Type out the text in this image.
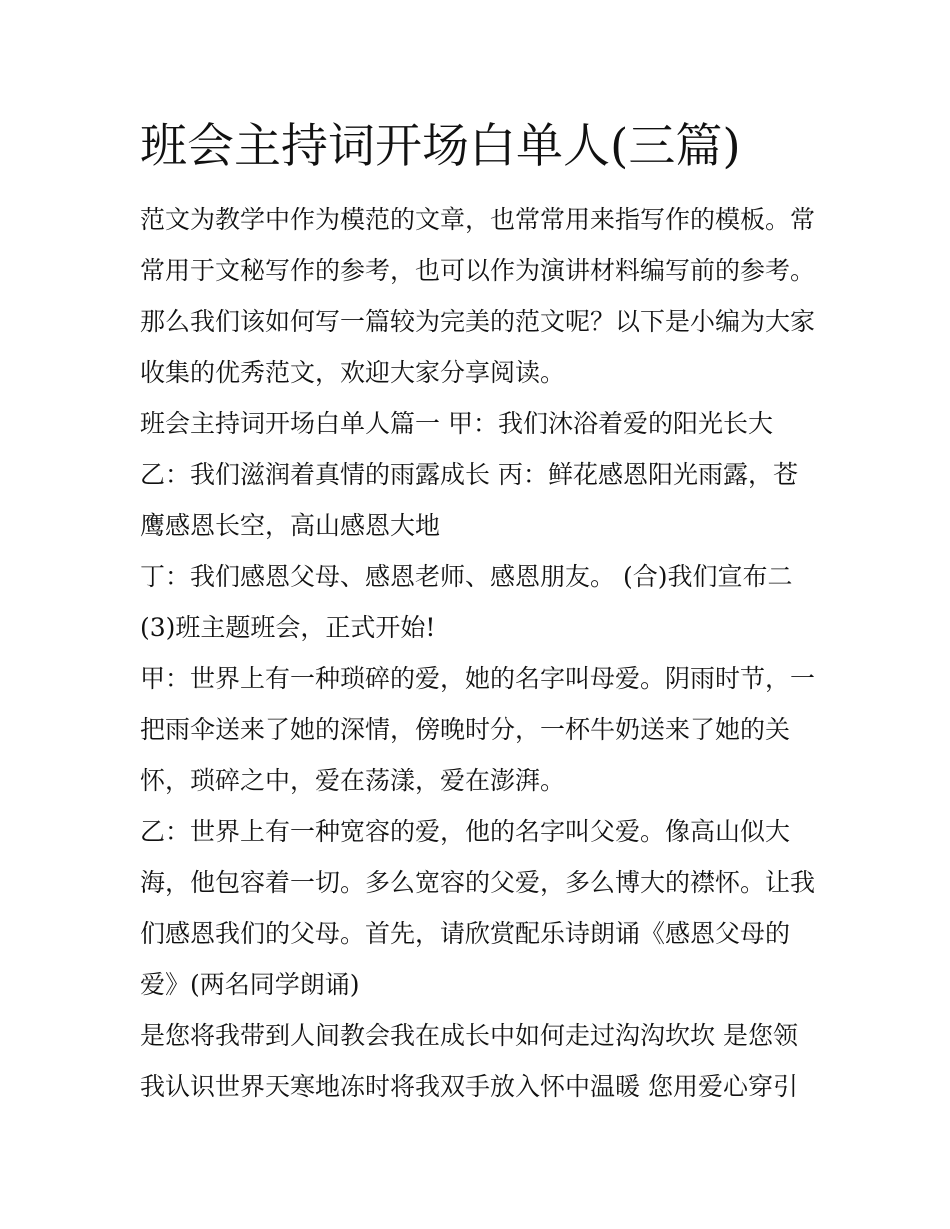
班会主持词开场白单人(三篇)
范文为教学中作为模范的文章，也常常用来指写作的模板。常
常用于文秘写作的参考，也可以作为演讲材料编写前的参考。
那么我们该如何写一篇较为完美的范文呢？以下是小编为大家
收集的优秀范文，欢迎大家分享阅读。
班会主持词开场白单人篇一 甲：我们沐浴着爱的阳光长大
乙：我们滋润着真情的雨露成长 丙：鲜花感恩阳光雨露，苍
鹰感恩长空，高山感恩大地
丁：我们感恩父母、感恩老师、感恩朋友。 (合)我们宣布二
(3)班主题班会，正式开始!
甲：世界上有一种琐碎的爱，她的名字叫母爱。阴雨时节，一
把雨伞送来了她的深情，傍晚时分，一杯牛奶送来了她的关
怀，琐碎之中，爱在荡漾，爱在澎湃。
乙：世界上有一种宽容的爱，他的名字叫父爱。像高山似大
海，他包容着一切。多么宽容的父爱，多么博大的襟怀。让我
们感恩我们的父母。首先，请欣赏配乐诗朗诵《感恩父母的
爱》(两名同学朗诵)
是您将我带到人间教会我在成长中如何走过沟沟坎坎 是您领
我认识世界天寒地冻时将我双手放入怀中温暖 您用爱心穿引
